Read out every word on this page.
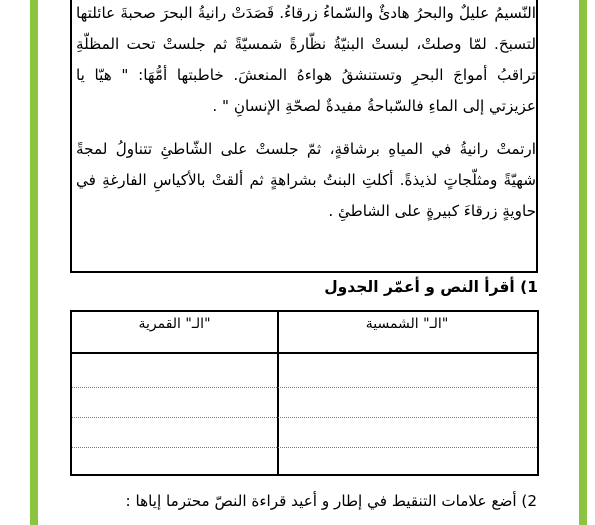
النّسيمُ عليلٌ والبحرُ هادئٌ والسّماءُ زرقاءُ. قَصَدَتْ رانيةُ البحرَ صحبةَ عائلتها لتسبحَ. لمّا وصلتْ، لبستْ البنيّةُ نظّارةً شمسيّةً ثم جلستْ تحت المظلّةِ تراقبُ أمواجَ البحرِ وتستنشقُ هواءهُ المنعشَ. خاطبتها أمُّهَا: " هيّا يا عزيزتي إلى الماءِ فالسّباحةُ مفيدةٌ لصحّةِ الإنسانِ " .

ارتمتْ رانيةُ في المياهِ برشاقةٍ، ثمّ جلستْ على الشّاطئِ تتناولُ لمجةً شهيّةً ومثلّجاتٍ لذيذةً. أكلتِ البنتُ بشراهةٍ ثم ألقتْ بالأكياسِ الفارغةِ في حاويةٍ زرقاءَ كبيرةٍ على الشاطئِ .

1) أقرأ النص و أعمّر الجدول
"الـ" الشمسية
"الـ" القمرية
2) أضع علامات التنقيط في إطار و أعيد قراءة النصّ محترما إياها :
